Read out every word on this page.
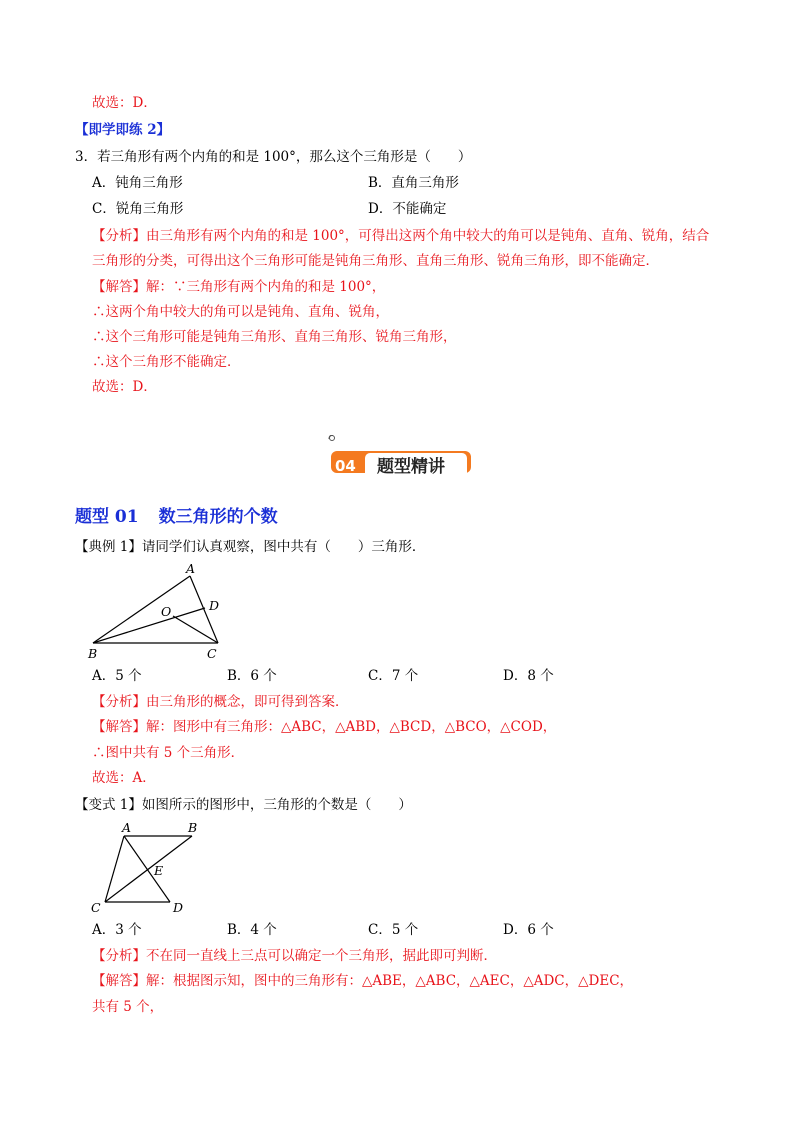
故选：D．
【即学即练 2】
3．若三角形有两个内角的和是 100°，那么这个三角形是（　　）
A．钝角三角形	B．直角三角形
C．锐角三角形	D．不能确定
【分析】由三角形有两个内角的和是 100°，可得出这两个角中较大的角可以是钝角、直角、锐角，结合
三角形的分类，可得出这个三角形可能是钝角三角形、直角三角形、锐角三角形，即不能确定．
【解答】解：∵三角形有两个内角的和是 100°，
∴这两个角中较大的角可以是钝角、直角、锐角，
∴这个三角形可能是钝角三角形、直角三角形、锐角三角形，
∴这个三角形不能确定．
故选：D．
04 题型精讲
题型 01 数三角形的个数
【典例 1】请同学们认真观察，图中共有（　　）三角形．
A
B	C
D
O
A．5 个	B．6 个	C．7 个	D．8 个
【分析】由三角形的概念，即可得到答案．
【解答】解：图形中有三角形：△ABC，△ABD，△BCD，△BCO，△COD，
∴图中共有 5 个三角形．
故选：A．
【变式 1】如图所示的图形中，三角形的个数是（　　）
A	B
C	D
E
A．3 个	B．4 个	C．5 个	D．6 个
【分析】不在同一直线上三点可以确定一个三角形，据此即可判断．
【解答】解：根据图示知，图中的三角形有：△ABE，△ABC，△AEC，△ADC，△DEC，
共有 5 个，
